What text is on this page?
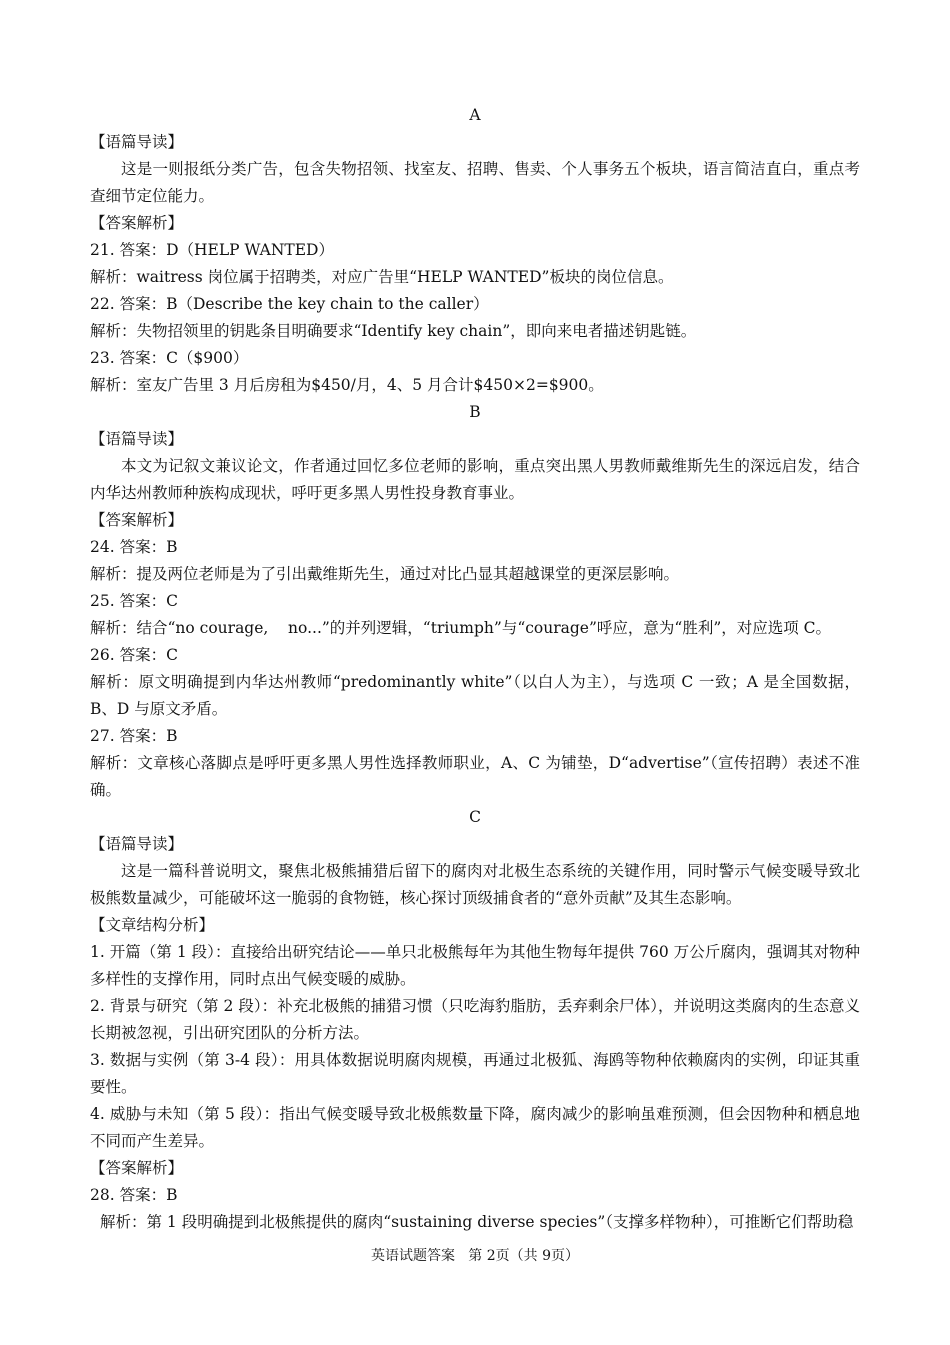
A
【语篇导读】
这是一则报纸分类广告，包含失物招领、找室友、招聘、售卖、个人事务五个板块，语言简洁直白，重点考查细节定位能力。
【答案解析】
21. 答案：D（HELP WANTED）
解析：waitress 岗位属于招聘类，对应广告里“HELP WANTED”板块的岗位信息。
22. 答案：B（Describe the key chain to the caller）
解析：失物招领里的钥匙条目明确要求“Identify key chain”，即向来电者描述钥匙链。
23. 答案：C（$900）
解析：室友广告里 3 月后房租为$450/月，4、5 月合计$450×2=$900。
B
【语篇导读】
本文为记叙文兼议论文，作者通过回忆多位老师的影响，重点突出黑人男教师戴维斯先生的深远启发，结合内华达州教师种族构成现状，呼吁更多黑人男性投身教育事业。
【答案解析】
24. 答案：B
解析：提及两位老师是为了引出戴维斯先生，通过对比凸显其超越课堂的更深层影响。
25. 答案：C
解析：结合“no courage,    no...”的并列逻辑，“triumph”与“courage”呼应，意为“胜利”，对应选项 C。
26. 答案：C
解析：原文明确提到内华达州教师“predominantly white”（以白人为主），与选项 C 一致；A 是全国数据，B、D 与原文矛盾。
27. 答案：B
解析：文章核心落脚点是呼吁更多黑人男性选择教师职业，A、C 为铺垫，D“advertise”（宣传招聘）表述不准确。
C
【语篇导读】
这是一篇科普说明文，聚焦北极熊捕猎后留下的腐肉对北极生态系统的关键作用，同时警示气候变暖导致北极熊数量减少，可能破坏这一脆弱的食物链，核心探讨顶级捕食者的“意外贡献”及其生态影响。
【文章结构分析】
1. 开篇（第 1 段）：直接给出研究结论——单只北极熊每年为其他生物每年提供 760 万公斤腐肉，强调其对物种多样性的支撑作用，同时点出气候变暖的威胁。
2. 背景与研究（第 2 段）：补充北极熊的捕猎习惯（只吃海豹脂肪，丢弃剩余尸体），并说明这类腐肉的生态意义长期被忽视，引出研究团队的分析方法。
3. 数据与实例（第 3-4 段）：用具体数据说明腐肉规模，再通过北极狐、海鸥等物种依赖腐肉的实例，印证其重要性。
4. 威胁与未知（第 5 段）：指出气候变暖导致北极熊数量下降，腐肉减少的影响虽难预测，但会因物种和栖息地不同而产生差异。
【答案解析】
28. 答案：B
解析：第 1 段明确提到北极熊提供的腐肉“sustaining diverse species”（支撑多样物种），可推断它们帮助稳
英语试题答案   第 2页（共 9页）
